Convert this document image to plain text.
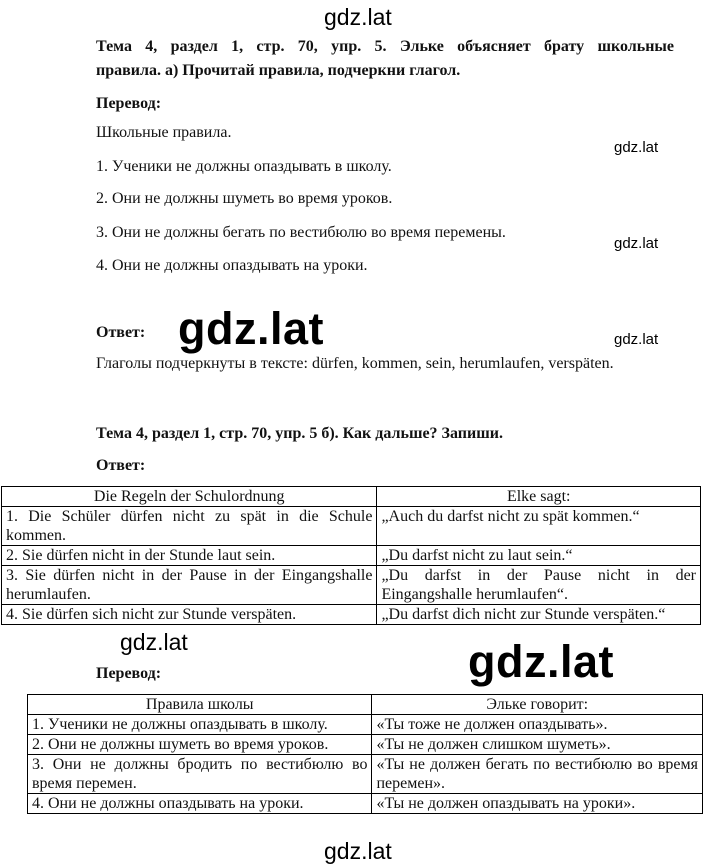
gdz.lat
gdz.lat
gdz.lat
gdz.lat
gdz.lat
gdz.lat	gdz.lat
gdz.lat
Тема 4, раздел 1, стр. 70, упр. 5. Эльке объясняет брату школьные
правила. а) Прочитай правила, подчеркни глагол.
Перевод:
Школьные правила.
1. Ученики не должны опаздывать в школу.
2. Они не должны шуметь во время уроков.
3. Они не должны бегать по вестибюлю во время перемены.
4. Они не должны опаздывать на уроки.
Ответ:
Глаголы подчеркнуты в тексте: dürfen, kommen, sein, herumlaufen, verspäten.
Тема 4, раздел 1, стр. 70, упр. 5 б). Как дальше? Запиши.
Ответ:
Die Regeln der Schulordnung	Elke sagt:
1. Die Schüler dürfen nicht zu spät in die Schule kommen.	„Auch du darfst nicht zu spät kommen.“
2. Sie dürfen nicht in der Stunde laut sein.	„Du darfst nicht zu laut sein.“
3. Sie dürfen nicht in der Pause in der Eingangshalle herumlaufen.	„Du darfst in der Pause nicht in der Eingangshalle herumlaufen“.
4. Sie dürfen sich nicht zur Stunde verspäten.	„Du darfst dich nicht zur Stunde verspäten.“
Перевод:
Правила школы	Эльке говорит:
1. Ученики не должны опаздывать в школу.	«Ты тоже не должен опаздывать».
2. Они не должны шуметь во время уроков.	«Ты не должен слишком шуметь».
3. Они не должны бродить по вестибюлю во время перемен.	«Ты не должен бегать по вестибюлю во время перемен».
4. Они не должны опаздывать на уроки.	«Ты не должен опаздывать на уроки».
